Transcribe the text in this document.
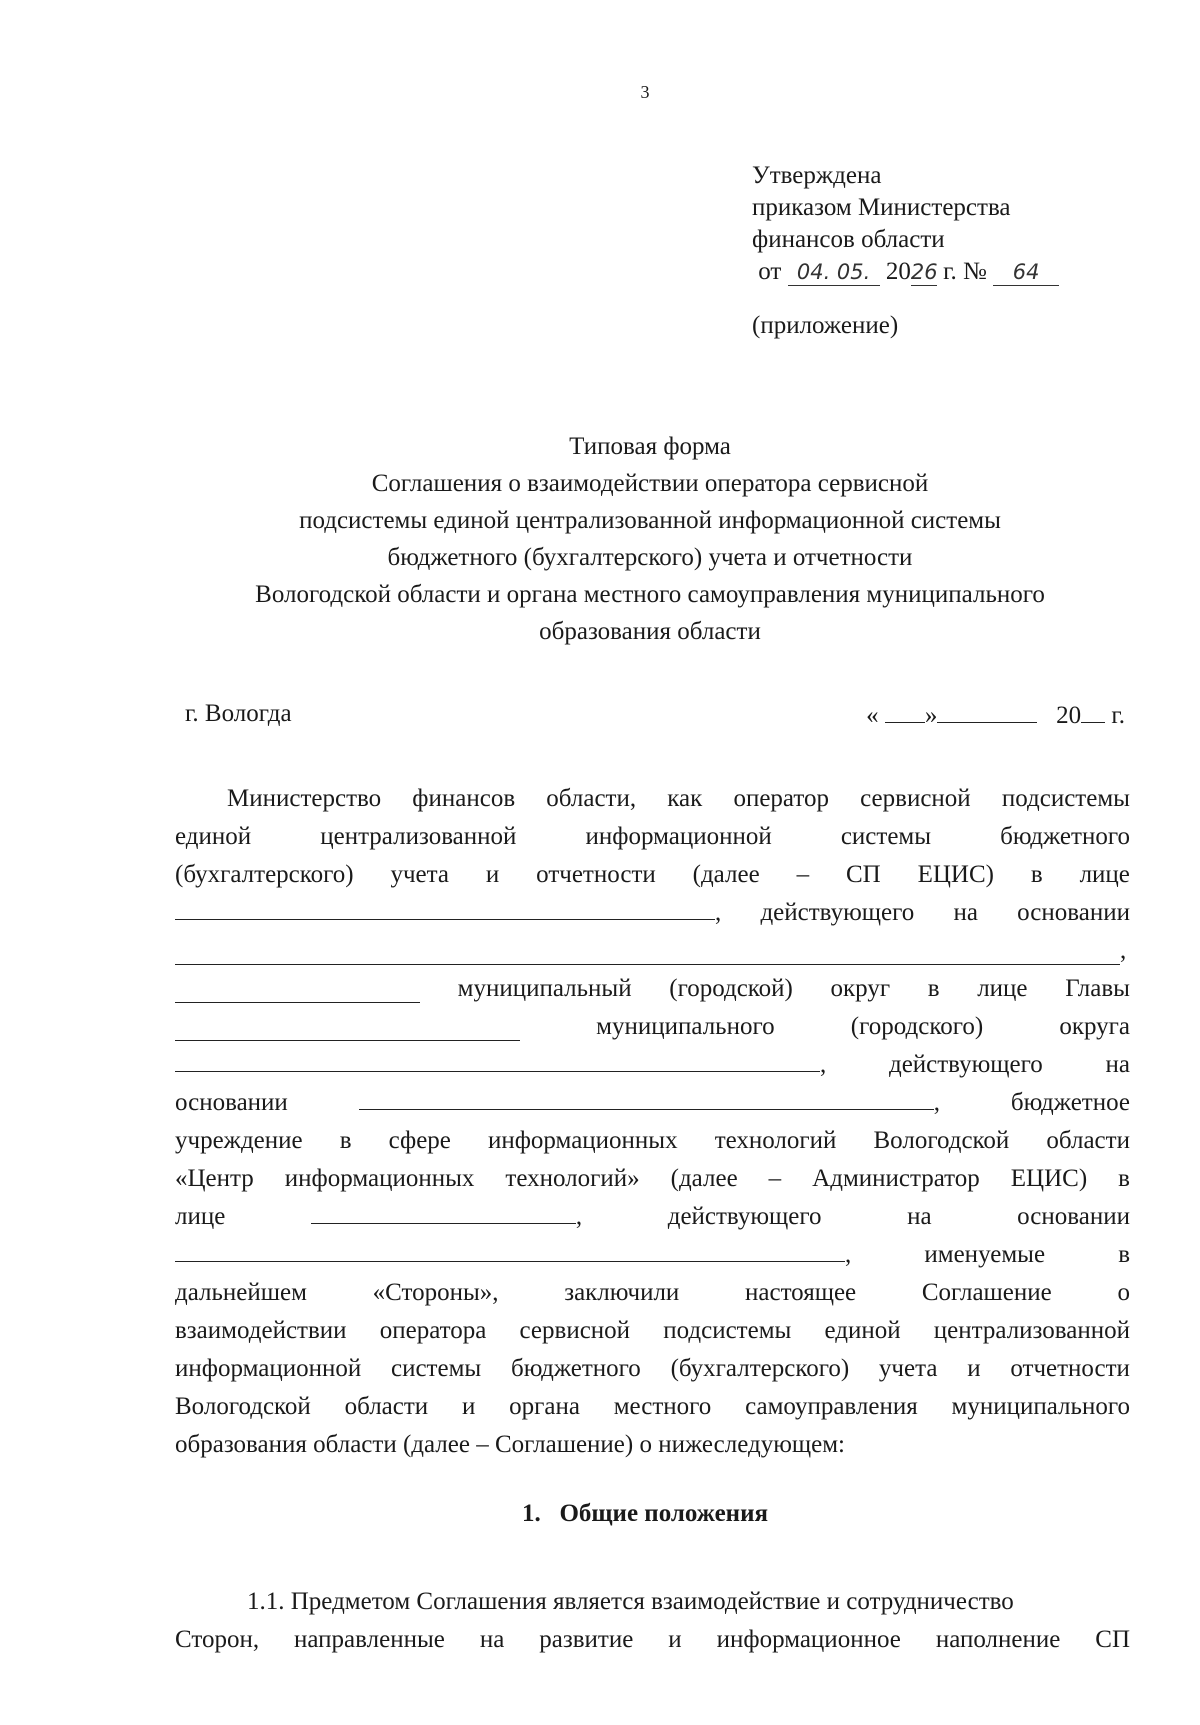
3
Утверждена
приказом Министерства
финансов области
от 04. 05. 2026 г. № 64
(приложение)
Типовая форма
Соглашения о взаимодействии оператора сервисной
подсистемы единой централизованной информационной системы
бюджетного (бухгалтерского) учета и отчетности
Вологодской области и органа местного самоуправления муниципального
образования области
г. Вологда	« »	20 г.
Министерство финансов области, как оператор сервисной подсистемы
единой	централизованной	информационной	системы	бюджетного
(бухгалтерского) учета и отчетности (далее – СП ЕЦИС) в лице
, действующего на основании
,
муниципальный (городской) округ в лице Главы
муниципального	(городского)	округа
,	действующего	на
основании	,	бюджетное
учреждение в сфере информационных технологий Вологодской области
«Центр информационных технологий» (далее – Администратор ЕЦИС) в
лице	,	действующего	на	основании
,	именуемые	в
дальнейшем	«Стороны»,	заключили	настоящее	Соглашение	о
взаимодействии оператора сервисной подсистемы единой централизованной
информационной системы бюджетного (бухгалтерского) учета и отчетности
Вологодской области и органа местного самоуправления муниципального
образования области (далее – Соглашение) о нижеследующем:
1. Общие положения
1.1. Предметом Соглашения является взаимодействие и сотрудничество
Сторон, направленные на развитие и информационное наполнение СП
